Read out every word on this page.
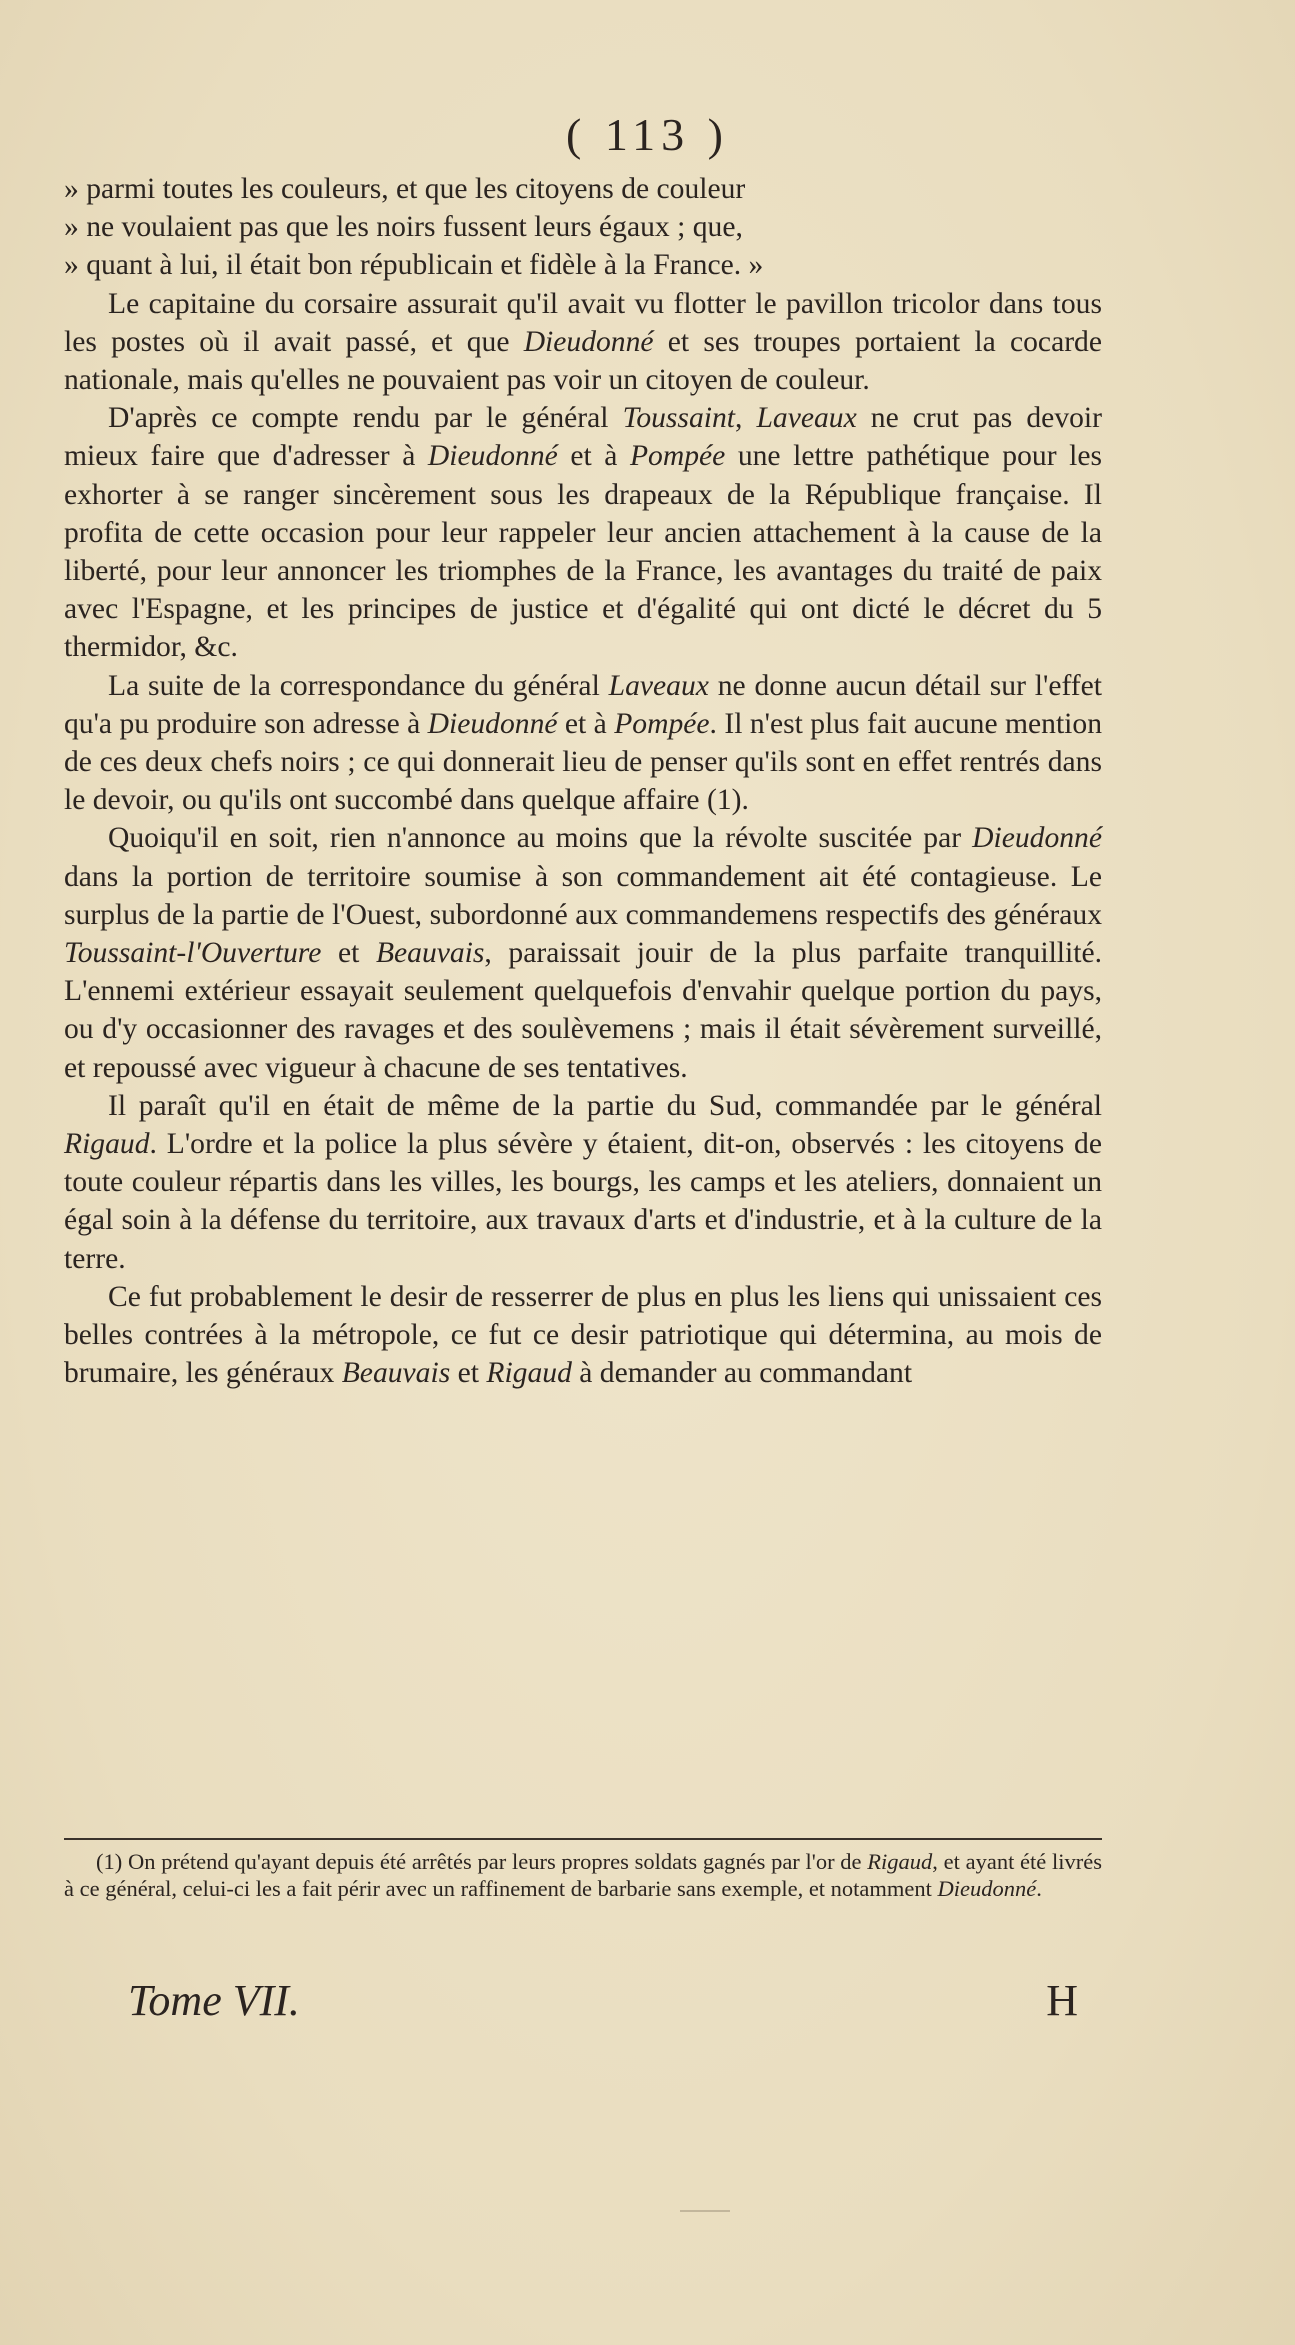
( 113 )

» parmi toutes les couleurs, et que les citoyens de couleur

» ne voulaient pas que les noirs fussent leurs égaux ; que,

» quant à lui, il était bon républicain et fidèle à la France. »

Le capitaine du corsaire assurait qu'il avait vu flotter le pavillon tricolor dans tous les postes où il avait passé, et que Dieudonné et ses troupes portaient la cocarde nationale, mais qu'elles ne pouvaient pas voir un citoyen de couleur.

D'après ce compte rendu par le général Toussaint, Laveaux ne crut pas devoir mieux faire que d'adresser à Dieudonné et à Pompée une lettre pathétique pour les exhorter à se ranger sincèrement sous les drapeaux de la République française. Il profita de cette occasion pour leur rappeler leur ancien attachement à la cause de la liberté, pour leur annoncer les triomphes de la France, les avantages du traité de paix avec l'Espagne, et les principes de justice et d'égalité qui ont dicté le décret du 5 thermidor, &c.

La suite de la correspondance du général Laveaux ne donne aucun détail sur l'effet qu'a pu produire son adresse à Dieudonné et à Pompée. Il n'est plus fait aucune mention de ces deux chefs noirs ; ce qui donnerait lieu de penser qu'ils sont en effet rentrés dans le devoir, ou qu'ils ont succombé dans quelque affaire (1).

Quoiqu'il en soit, rien n'annonce au moins que la révolte suscitée par Dieudonné dans la portion de territoire soumise à son commandement ait été contagieuse. Le surplus de la partie de l'Ouest, subordonné aux commandemens respectifs des généraux Toussaint-l'Ouverture et Beauvais, paraissait jouir de la plus parfaite tranquillité. L'ennemi extérieur essayait seulement quelquefois d'envahir quelque portion du pays, ou d'y occasionner des ravages et des soulèvemens ; mais il était sévèrement surveillé, et repoussé avec vigueur à chacune de ses tentatives.

Il paraît qu'il en était de même de la partie du Sud, commandée par le général Rigaud. L'ordre et la police la plus sévère y étaient, dit-on, observés : les citoyens de toute couleur répartis dans les villes, les bourgs, les camps et les ateliers, donnaient un égal soin à la défense du territoire, aux travaux d'arts et d'industrie, et à la culture de la terre.

Ce fut probablement le desir de resserrer de plus en plus les liens qui unissaient ces belles contrées à la métropole, ce fut ce desir patriotique qui détermina, au mois de brumaire, les généraux Beauvais et Rigaud à demander au commandant

(1) On prétend qu'ayant depuis été arrêtés par leurs propres soldats gagnés par l'or de Rigaud, et ayant été livrés à ce général, celui-ci les a fait périr avec un raffinement de barbarie sans exemple, et notamment Dieudonné.

Tome VII.	H
